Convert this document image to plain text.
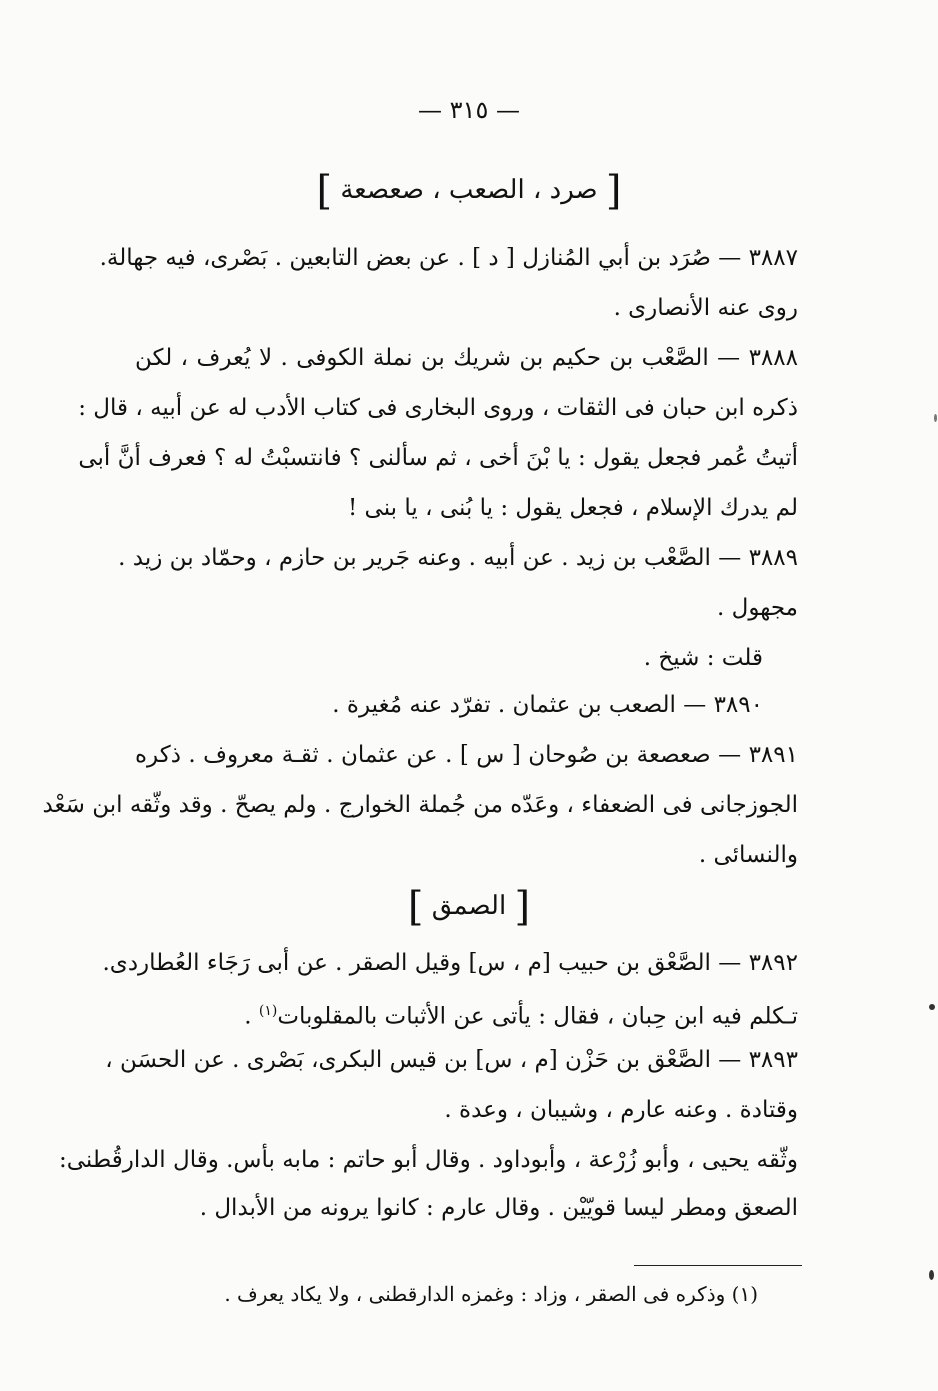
— ٣١٥ —
[ صرد ، الصعب ، صعصعة ]
٣٨٨٧ — صُرَد بن أبي المُنازل [ د ] . عن بعض التابعين . بَصْرى، فيه جهالة.
روى عنه الأنصارى .
٣٨٨٨ — الصَّعْب بن حكيم بن شريك بن نملة الكوفى . لا يُعرف ، لكن
ذكره ابن حبان فى الثقات ، وروى البخارى فى كتاب الأدب له عن أبيه ، قال :
أتيتُ عُمر فجعل يقول : يا بْنَ أخى ، ثم سألنى ؟ فانتسبْتُ له ؟ فعرف أنَّ أبى
لم يدرك الإسلام ، فجعل يقول : يا بُنى ، يا بنى !
٣٨٨٩ — الصَّعْب بن زيد . عن أبيه . وعنه جَرير بن حازم ، وحمّاد بن زيد .
مجهول .
قلت : شيخ .
٣٨٩٠ — الصعب بن عثمان . تفرّد عنه مُغيرة .
٣٨٩١ — صعصعة بن صُوحان [ س ] . عن عثمان . ثقـة معروف . ذكره
الجوزجانى فى الضعفاء ، وعَدّه من جُملة الخوارج . ولم يصحّ . وقد وثّقه ابن سَعْد
والنسائى .
[ الصمق ]
٣٨٩٢ — الصَّعْق بن حبيب [م ، س] وقيل الصقر . عن أبى رَجَاء العُطاردى.
تـكلم فيه ابن حِبان ، فقال : يأتى عن الأثبات بالمقلوبات$^{(١)}$ .
٣٨٩٣ — الصَّعْق بن حَزْن [م ، س] بن قيس البكرى، بَصْرى . عن الحسَن ،
وقتادة . وعنه عارم ، وشيبان ، وعدة .
وثّقه يحيى ، وأبو زُرْعة ، وأبوداود . وقال أبو حاتم : مابه بأس. وقال الدارقُطنى:
الصعق ومطر ليسا قويّيْن . وقال عارم : كانوا يرونه من الأبدال .
(١) وذكره فى الصقر ، وزاد : وغمزه الدارقطنى ، ولا يكاد يعرف .
